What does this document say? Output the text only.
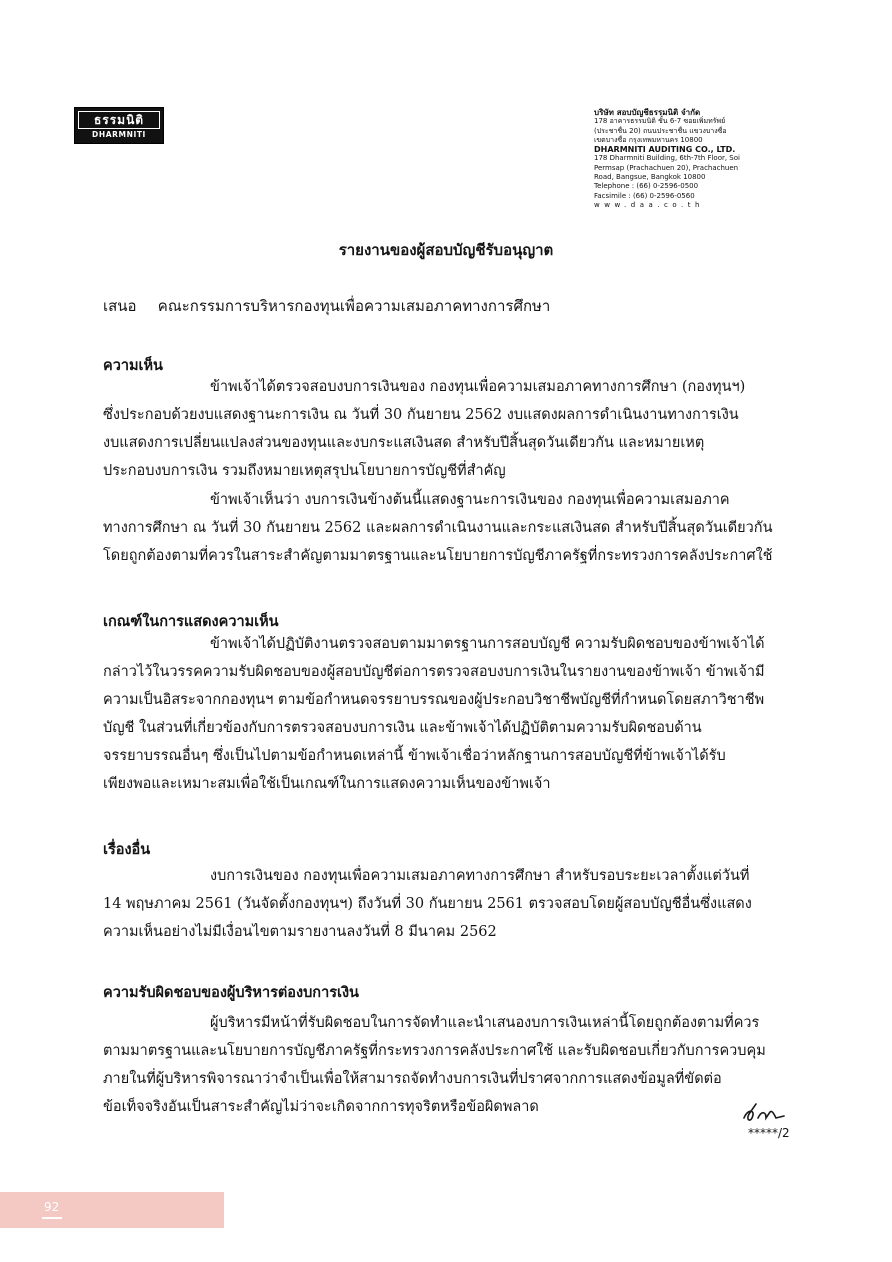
ธรรมนิติ
DHARMNITI
บริษัท สอบบัญชีธรรมนิติ จำกัด
178 อาคารธรรมนิติ ชั้น 6-7 ซอยเพิ่มทรัพย์
(ประชาชื่น 20) ถนนประชาชื่น แขวงบางซื่อ
เขตบางซื่อ กรุงเทพมหานคร 10800
DHARMNITI AUDITING CO., LTD.
178 Dharmniti Building, 6th-7th Floor, Soi
Permsap (Prachachuen 20), Prachachuen
Road, Bangsue, Bangkok 10800
Telephone : (66) 0-2596-0500
Facsimile : (66) 0-2596-0560
www.daa.co.th
รายงานของผู้สอบบัญชีรับอนุญาต
เสนอ คณะกรรมการบริหารกองทุนเพื่อความเสมอภาคทางการศึกษา
ความเห็น
ข้าพเจ้าได้ตรวจสอบงบการเงินของ กองทุนเพื่อความเสมอภาคทางการศึกษา (กองทุนฯ)
ซึ่งประกอบด้วยงบแสดงฐานะการเงิน ณ วันที่ 30 กันยายน 2562 งบแสดงผลการดำเนินงานทางการเงิน
งบแสดงการเปลี่ยนแปลงส่วนของทุนและงบกระแสเงินสด สำหรับปีสิ้นสุดวันเดียวกัน และหมายเหตุ
ประกอบงบการเงิน รวมถึงหมายเหตุสรุปนโยบายการบัญชีที่สำคัญ
ข้าพเจ้าเห็นว่า งบการเงินข้างต้นนี้แสดงฐานะการเงินของ กองทุนเพื่อความเสมอภาค
ทางการศึกษา ณ วันที่ 30 กันยายน 2562 และผลการดำเนินงานและกระแสเงินสด สำหรับปีสิ้นสุดวันเดียวกัน
โดยถูกต้องตามที่ควรในสาระสำคัญตามมาตรฐานและนโยบายการบัญชีภาครัฐที่กระทรวงการคลังประกาศใช้
เกณฑ์ในการแสดงความเห็น
ข้าพเจ้าได้ปฏิบัติงานตรวจสอบตามมาตรฐานการสอบบัญชี ความรับผิดชอบของข้าพเจ้าได้
กล่าวไว้ในวรรคความรับผิดชอบของผู้สอบบัญชีต่อการตรวจสอบงบการเงินในรายงานของข้าพเจ้า ข้าพเจ้ามี
ความเป็นอิสระจากกองทุนฯ ตามข้อกำหนดจรรยาบรรณของผู้ประกอบวิชาชีพบัญชีที่กำหนดโดยสภาวิชาชีพ
บัญชี ในส่วนที่เกี่ยวข้องกับการตรวจสอบงบการเงิน และข้าพเจ้าได้ปฏิบัติตามความรับผิดชอบด้าน
จรรยาบรรณอื่นๆ ซึ่งเป็นไปตามข้อกำหนดเหล่านี้ ข้าพเจ้าเชื่อว่าหลักฐานการสอบบัญชีที่ข้าพเจ้าได้รับ
เพียงพอและเหมาะสมเพื่อใช้เป็นเกณฑ์ในการแสดงความเห็นของข้าพเจ้า
เรื่องอื่น
งบการเงินของ กองทุนเพื่อความเสมอภาคทางการศึกษา สำหรับรอบระยะเวลาตั้งแต่วันที่
14 พฤษภาคม 2561 (วันจัดตั้งกองทุนฯ) ถึงวันที่ 30 กันยายน 2561 ตรวจสอบโดยผู้สอบบัญชีอื่นซึ่งแสดง
ความเห็นอย่างไม่มีเงื่อนไขตามรายงานลงวันที่ 8 มีนาคม 2562
ความรับผิดชอบของผู้บริหารต่องบการเงิน
ผู้บริหารมีหน้าที่รับผิดชอบในการจัดทำและนำเสนองบการเงินเหล่านี้โดยถูกต้องตามที่ควร
ตามมาตรฐานและนโยบายการบัญชีภาครัฐที่กระทรวงการคลังประกาศใช้ และรับผิดชอบเกี่ยวกับการควบคุม
ภายในที่ผู้บริหารพิจารณาว่าจำเป็นเพื่อให้สามารถจัดทำงบการเงินที่ปราศจากการแสดงข้อมูลที่ขัดต่อ
ข้อเท็จจริงอันเป็นสาระสำคัญไม่ว่าจะเกิดจากการทุจริตหรือข้อผิดพลาด
*****/2
92
